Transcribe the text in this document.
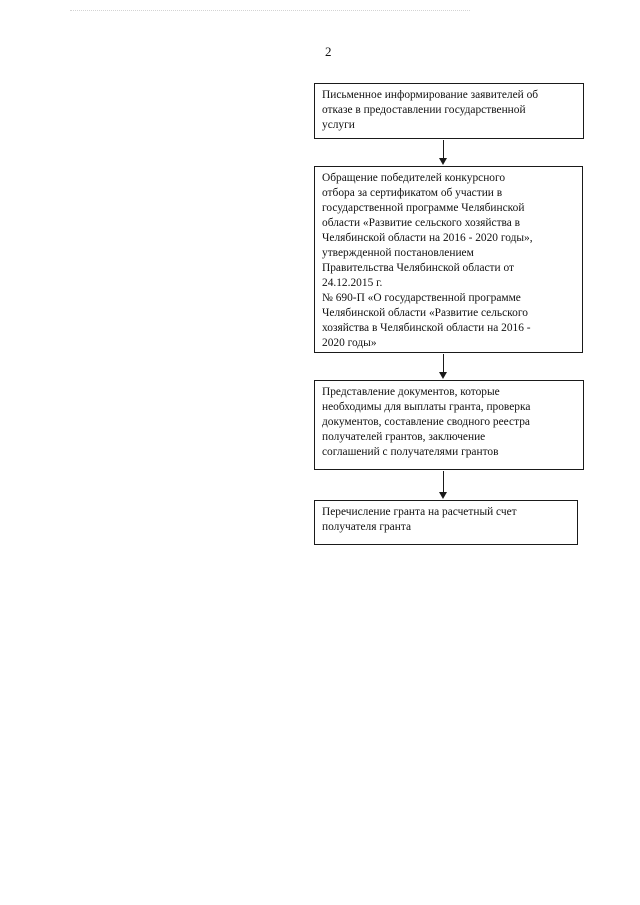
2
Письменное информирование заявителей об
отказе в предоставлении государственной
услуги
Обращение победителей конкурсного
отбора за сертификатом об участии в
государственной программе Челябинской
области «Развитие сельского хозяйства в
Челябинской области на 2016 - 2020 годы»,
утвержденной постановлением
Правительства Челябинской области от
24.12.2015 г.
№ 690-П «О государственной программе
Челябинской области «Развитие сельского
хозяйства в Челябинской области на 2016 -
2020 годы»
Представление документов, которые
необходимы для выплаты гранта, проверка
документов, составление сводного реестра
получателей грантов, заключение
соглашений с получателями грантов
Перечисление гранта на расчетный счет
получателя гранта
